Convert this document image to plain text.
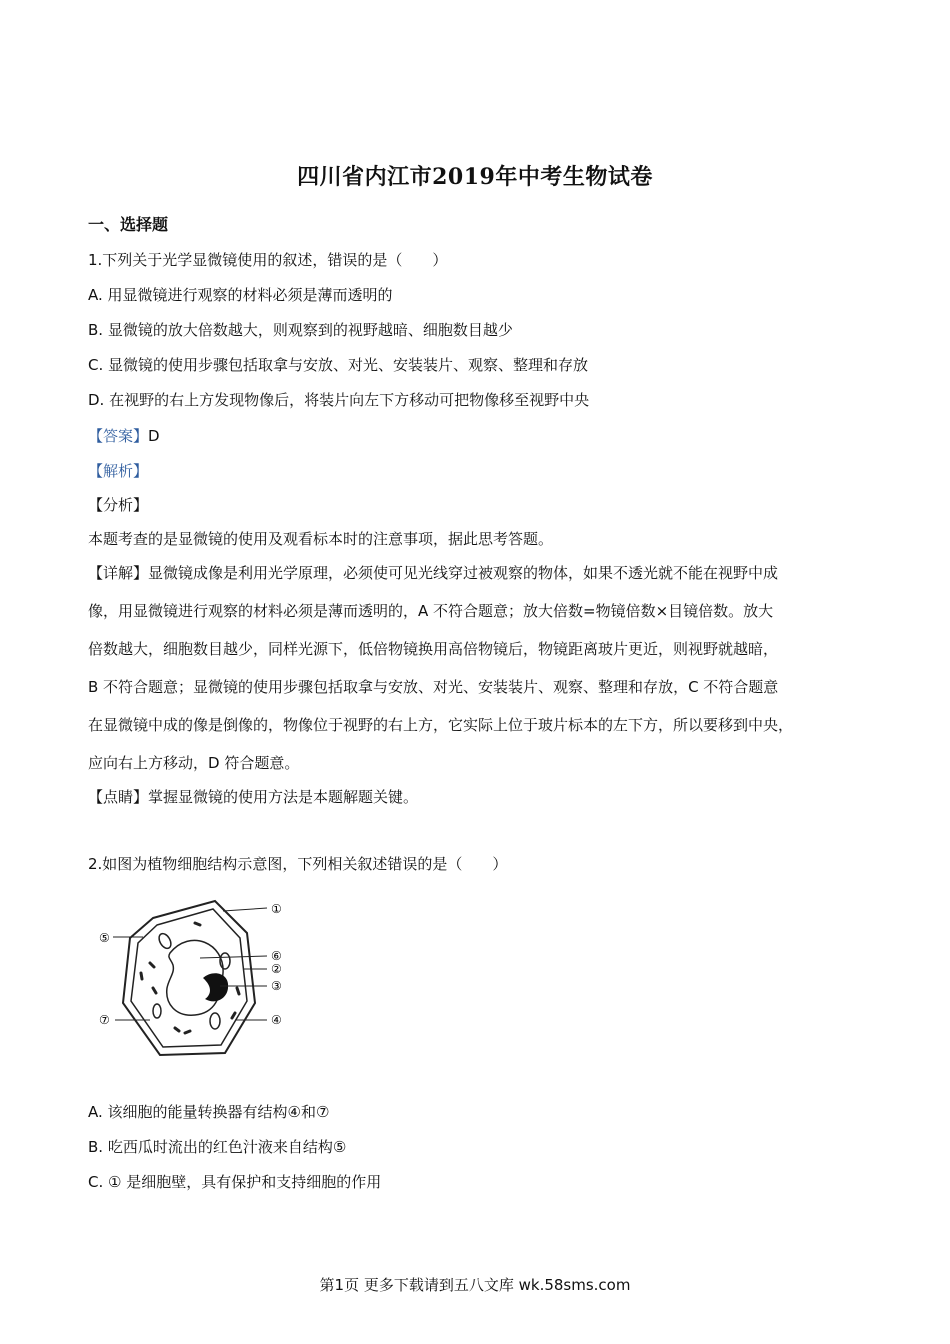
四川省内江市2019年中考生物试卷
一、选择题
1.下列关于光学显微镜使用的叙述，错误的是（　　）
A. 用显微镜进行观察的材料必须是薄而透明的
B. 显微镜的放大倍数越大，则观察到的视野越暗、细胞数目越少
C. 显微镜的使用步骤包括取拿与安放、对光、安装装片、观察、整理和存放
D. 在视野的右上方发现物像后，将装片向左下方移动可把物像移至视野中央
【答案】D
【解析】
【分析】
本题考查的是显微镜的使用及观看标本时的注意事项，据此思考答题。

【详解】显微镜成像是利用光学原理，必须使可见光线穿过被观察的物体，如果不透光就不能在视野中成

像，用显微镜进行观察的材料必须是薄而透明的，A 不符合题意；放大倍数=物镜倍数×目镜倍数。放大

倍数越大，细胞数目越少，同样光源下，低倍物镜换用高倍物镜后，物镜距离玻片更近，则视野就越暗，

B 不符合题意；显微镜的使用步骤包括取拿与安放、对光、安装装片、观察、整理和存放，C 不符合题意

在显微镜中成的像是倒像的，物像位于视野的右上方，它实际上位于玻片标本的左下方，所以要移到中央，

应向右上方移动，D 符合题意。

【点睛】掌握显微镜的使用方法是本题解题关键。
2.如图为植物细胞结构示意图，下列相关叙述错误的是（　　）
①
⑤
⑥
②
③
⑦	④
A. 该细胞的能量转换器有结构④和⑦
B. 吃西瓜时流出的红色汁液来自结构⑤
C. ① 是细胞壁，具有保护和支持细胞的作用
第1页 更多下载请到五八文库 wk.58sms.com
